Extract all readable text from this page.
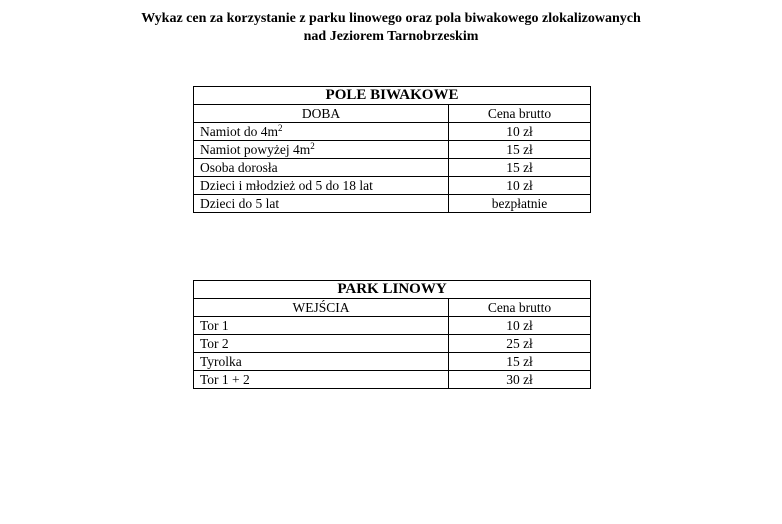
Wykaz cen za korzystanie z parku linowego oraz pola biwakowego zlokalizowanych
nad Jeziorem Tarnobrzeskim
POLE BIWAKOWE	
DOBA	Cena brutto
Namiot do $4m^2$	10 zł
Namiot powyżej $4m^2$	15 zł
Osoba dorosła	15 zł
Dzieci i młodzież od 5 do 18 lat	10 zł
Dzieci do 5 lat	bezpłatnie
PARK LINOWY	
WEJŚCIA	Cena brutto
Tor 1	10 zł
Tor 2	25 zł
Tyrolka	15 zł
Tor 1 + 2	30 zł
